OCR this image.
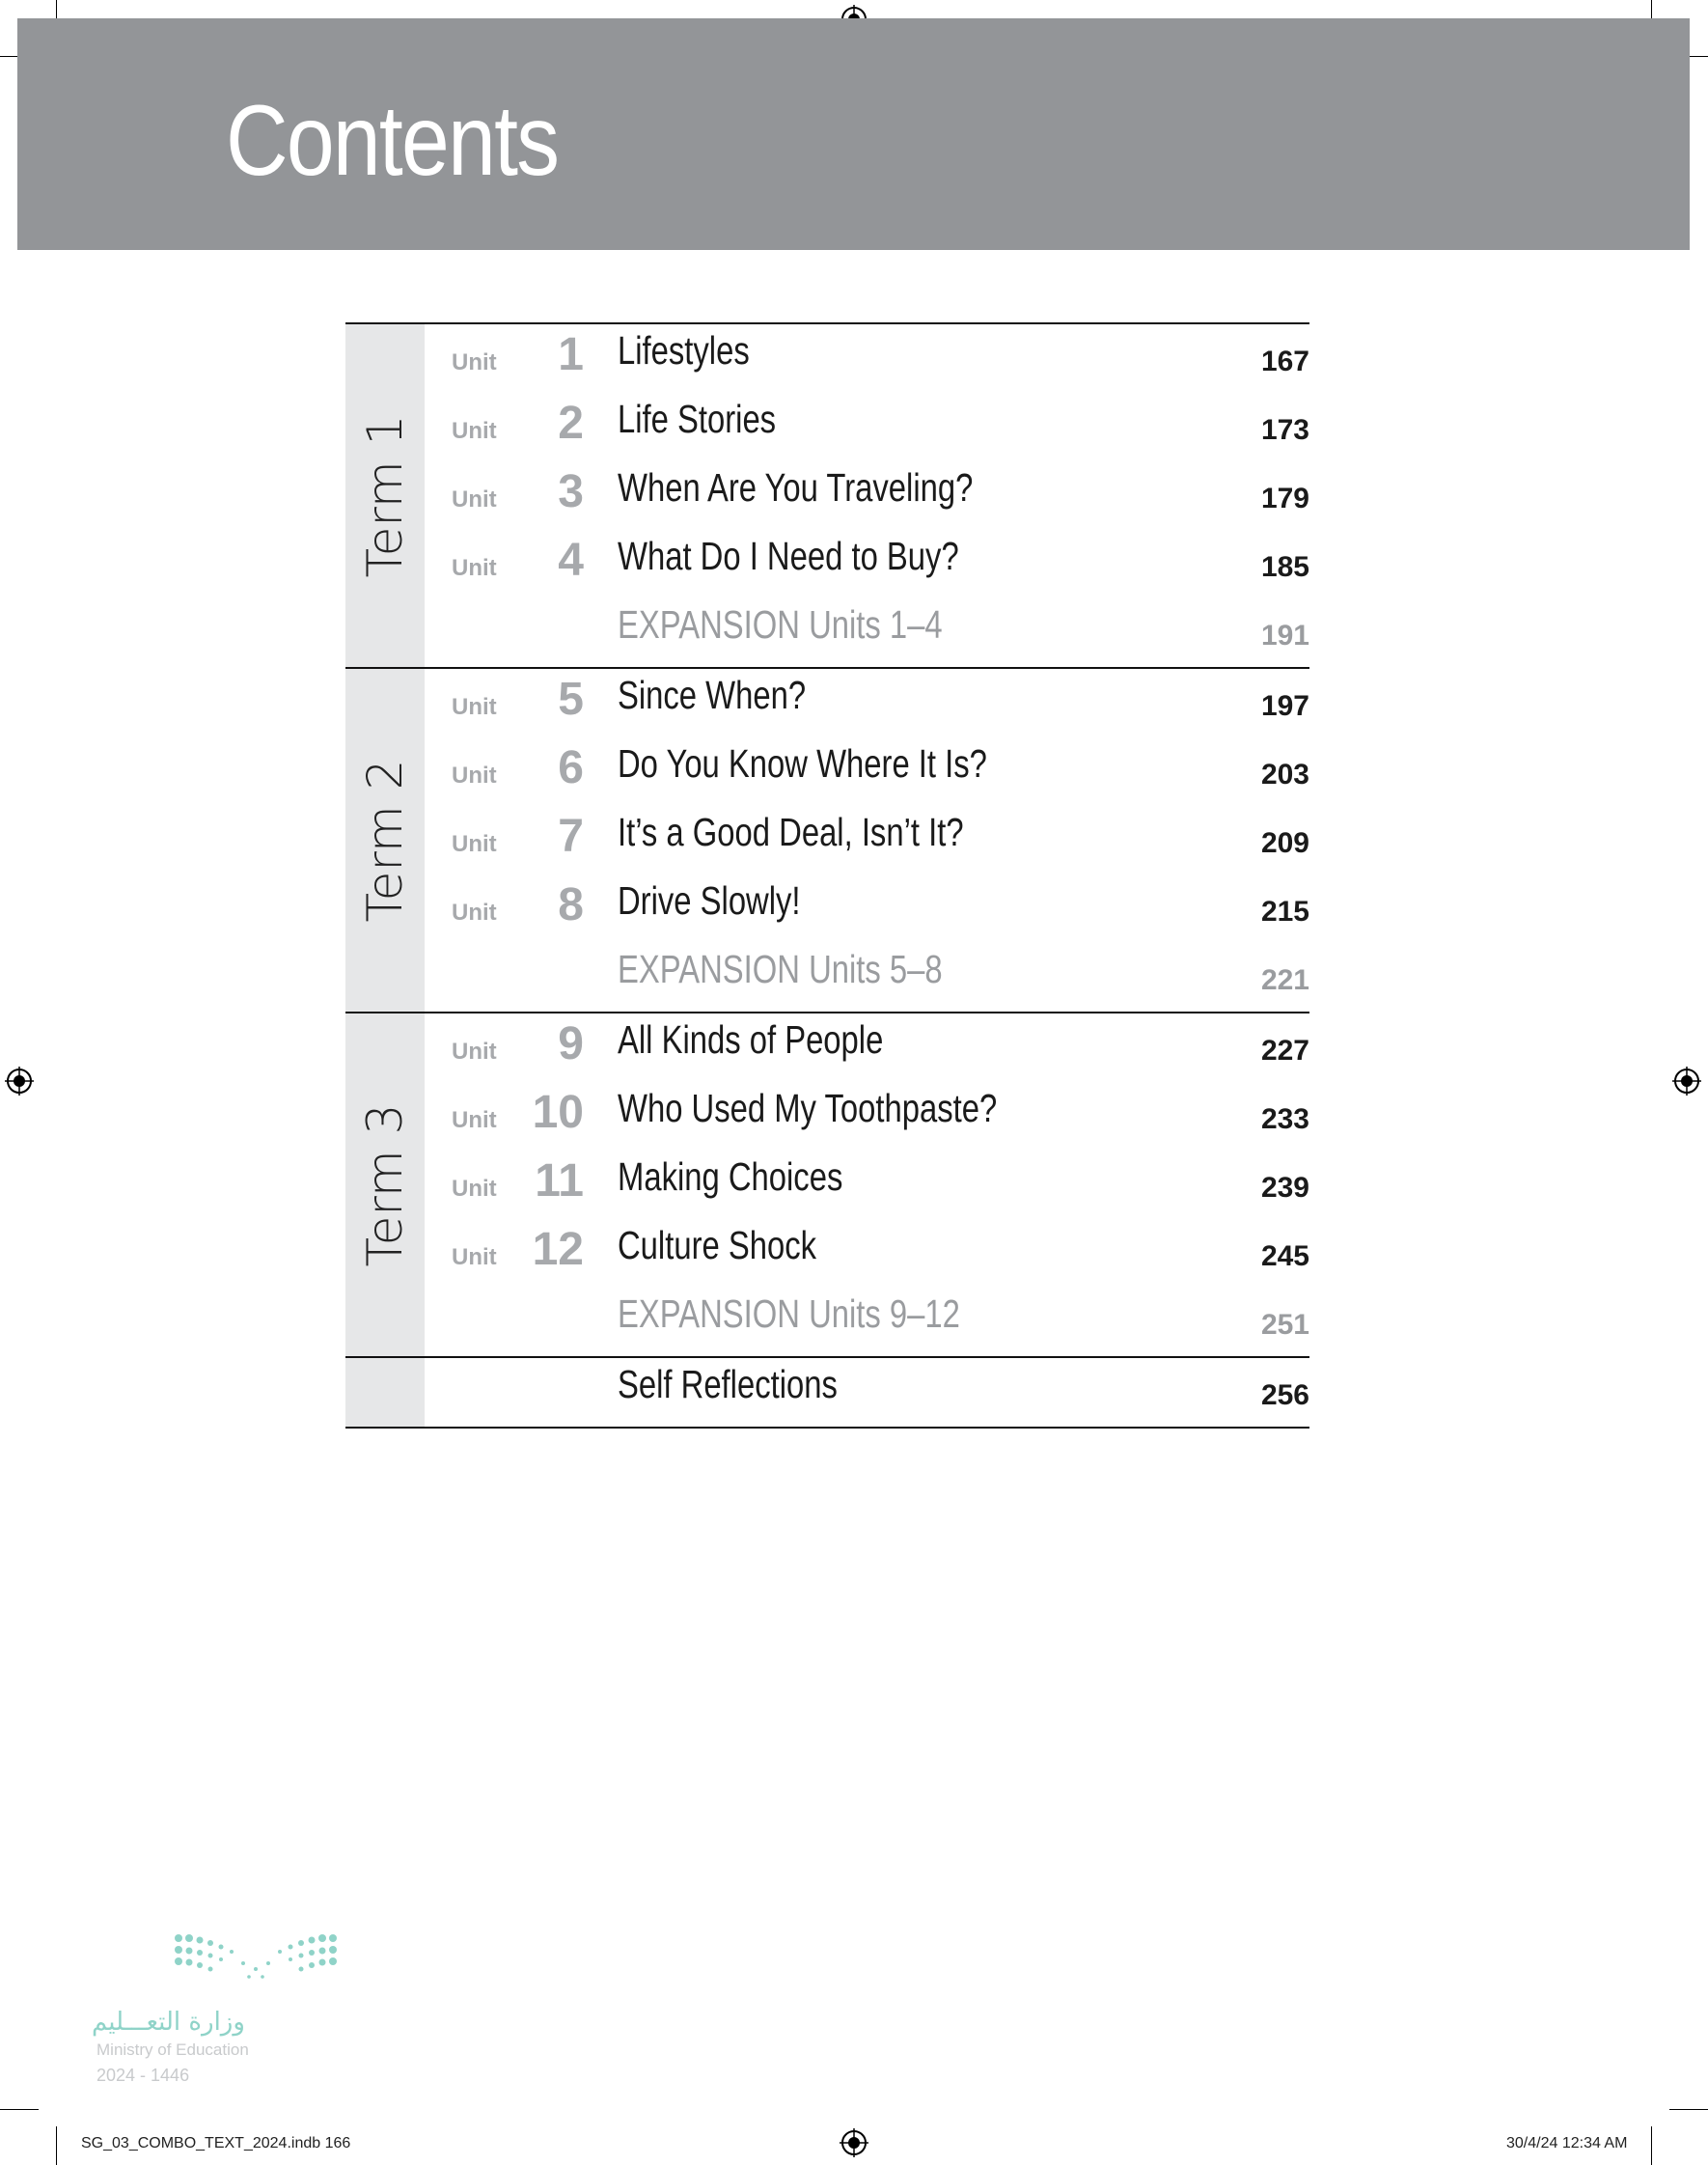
Contents
Term 1
Unit 1 Lifestyles	167
Unit 2 Life Stories	173
Unit 3 When Are You Traveling?	179
Unit 4 What Do I Need to Buy?	185
EXPANSION Units 1–4	191
Term 2
Unit 5 Since When?	197
Unit 6 Do You Know Where It Is?	203
Unit 7 It’s a Good Deal, Isn’t It?	209
Unit 8 Drive Slowly!	215
EXPANSION Units 5–8	221
Term 3
Unit 9 All Kinds of People	227
Unit 10 Who Used My Toothpaste?	233
Unit 11 Making Choices	239
Unit 12 Culture Shock	245
EXPANSION Units 9–12	251
Self Reflections	256
وزارة التعـــليم
Ministry of Education
2024 - 1446
SG_03_COMBO_TEXT_2024.indb 166	30/4/24 12:34 AM
